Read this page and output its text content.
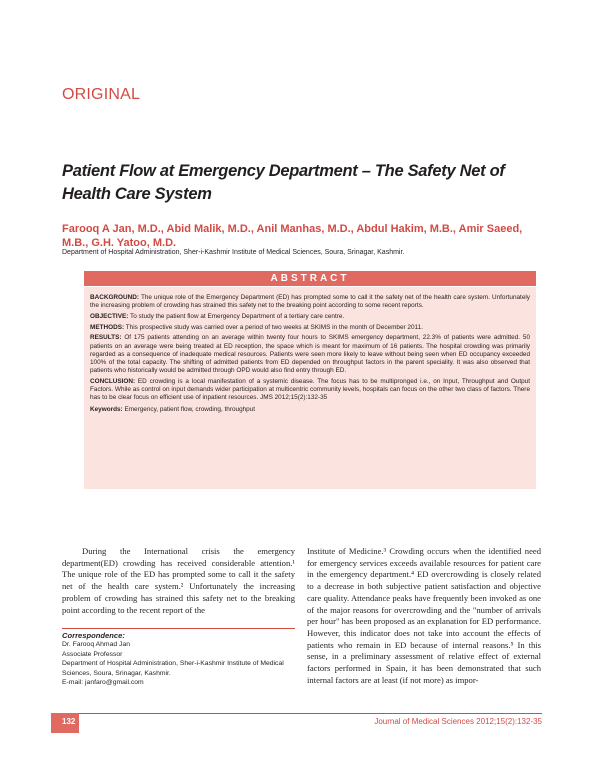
ORIGINAL
Patient Flow at Emergency Department – The Safety Net of Health Care System
Farooq A Jan, M.D., Abid Malik, M.D., Anil Manhas, M.D., Abdul Hakim, M.B., Amir Saeed, M.B., G.H. Yatoo, M.D.
Department of Hospital Administration, Sher-i-Kashmir Institute of Medical Sciences, Soura, Srinagar, Kashmir.
ABSTRACT

BACKGROUND: The unique role of the Emergency Department (ED) has prompted some to call it the safety net of the health care system. Unfortunately the increasing problem of crowding has strained this safety net to the breaking point according to some recent reports.

OBJECTIVE: To study the patient flow at Emergency Department of a tertiary care centre.

METHODS: This prospective study was carried over a period of two weeks at SKIMS in the month of December 2011.

RESULTS: Of 175 patients attending on an average within twenty four hours to SKIMS emergency department, 22.3% of patients were admitted. 50 patients on an average were being treated at ED reception, the space which is meant for maximum of 16 patients. The hospital crowding was primarily regarded as a consequence of inadequate medical resources. Patients were seen more likely to leave without being seen when ED occupancy exceeded 100% of the total capacity. The shifting of admitted patients from ED depended on throughput factors in the parent speciality. It was also observed that patients who historically would be admitted through OPD would also find entry through ED.

CONCLUSION: ED crowding is a local manifestation of a systemic disease. The focus has to be multipronged i.e., on Input, Throughput and Output Factors. While as control on input demands wider participation at multicentric community levels, hospitals can focus on the other two class of factors. There has to be clear focus on efficient use of inpatient resources. JMS 2012;15(2):132-35

Keywords: Emergency, patient flow, crowding, throughput

During the International crisis the emergency department(ED) crowding has received considerable attention.¹ The unique role of the ED has prompted some to call it the safety net of the health care system.² Unfortunately the increasing problem of crowding has strained this safety net to the breaking point according to the recent report of the
Institute of Medicine.³ Crowding occurs when the identified need for emergency services exceeds available resources for patient care in the emergency department.⁴ ED overcrowding is closely related to a decrease in both subjective patient satisfaction and objective care quality. Attendance peaks have frequently been invoked as one of the major reasons for overcrowding and the "number of arrivals per hour" has been proposed as an explanation for ED performance. However, this indicator does not take into account the effects of patients who remain in ED because of internal reasons.⁵ In this sense, in a preliminary assessment of relative effect of external factors performed in Spain, it has been demonstrated that such internal factors are at least (if not more) as impor-
Correspondence:
Dr. Farooq Ahmad Jan
Associate Professor
Department of Hospital Administration, Sher-i-Kashmir Institute of Medical Sciences, Soura, Srinagar, Kashmir.
E-mail: janfaro@gmail.com
132	Journal of Medical Sciences 2012;15(2):132-35
